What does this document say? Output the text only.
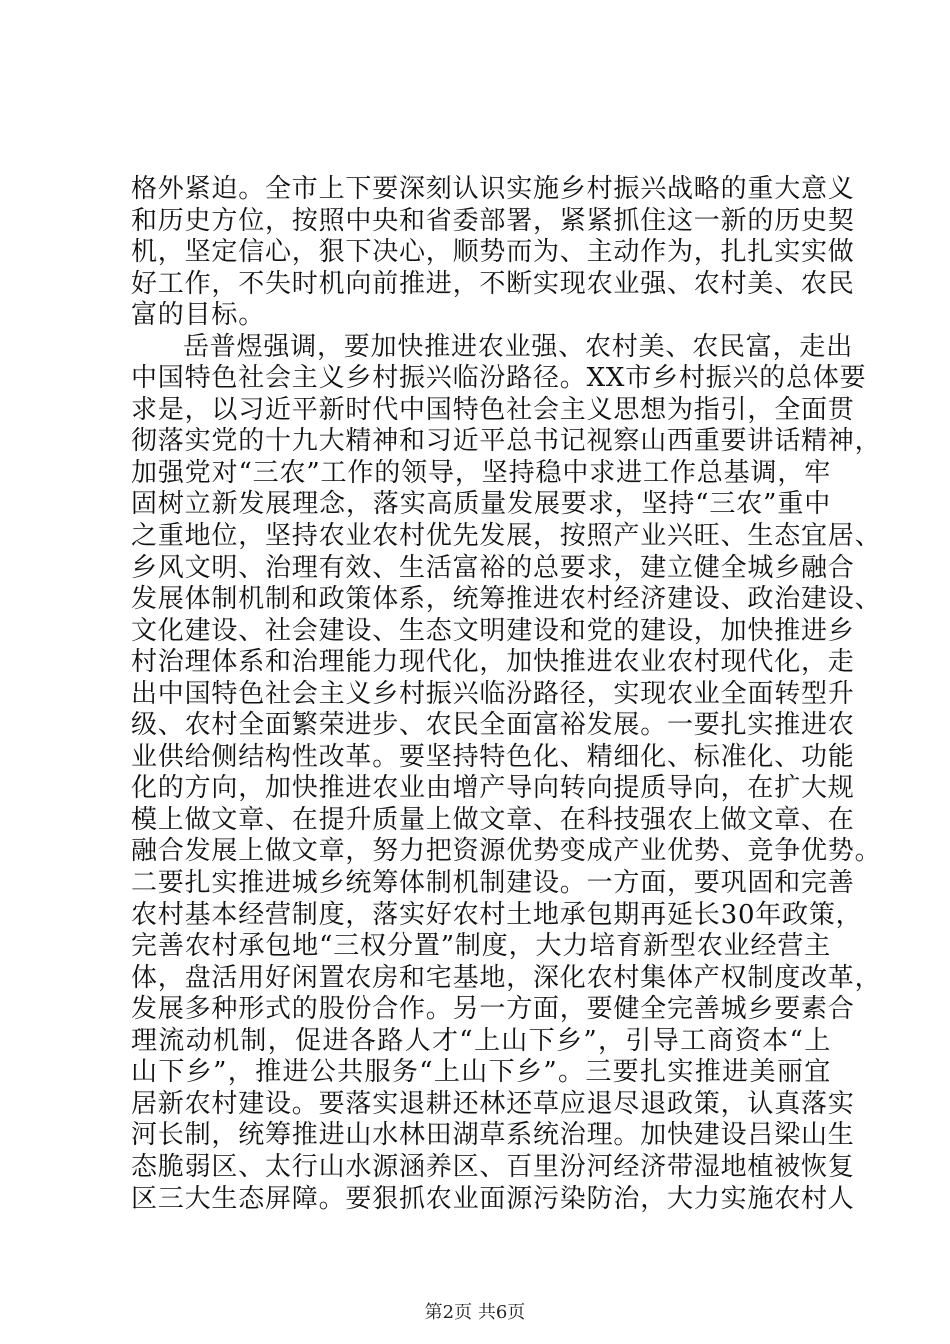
格外紧迫。全市上下要深刻认识实施乡村振兴战略的重大意义
和历史方位，按照中央和省委部署，紧紧抓住这一新的历史契
机，坚定信心，狠下决心，顺势而为、主动作为，扎扎实实做
好工作，不失时机向前推进，不断实现农业强、农村美、农民
富的目标。
岳普煜强调，要加快推进农业强、农村美、农民富，走出
中国特色社会主义乡村振兴临汾路径。XX市乡村振兴的总体要
求是，以习近平新时代中国特色社会主义思想为指引，全面贯
彻落实党的十九大精神和习近平总书记视察山西重要讲话精神，
加强党对“三农”工作的领导，坚持稳中求进工作总基调，牢
固树立新发展理念，落实高质量发展要求，坚持“三农”重中
之重地位，坚持农业农村优先发展，按照产业兴旺、生态宜居、
乡风文明、治理有效、生活富裕的总要求，建立健全城乡融合
发展体制机制和政策体系，统筹推进农村经济建设、政治建设、
文化建设、社会建设、生态文明建设和党的建设，加快推进乡
村治理体系和治理能力现代化，加快推进农业农村现代化，走
出中国特色社会主义乡村振兴临汾路径，实现农业全面转型升
级、农村全面繁荣进步、农民全面富裕发展。一要扎实推进农
业供给侧结构性改革。要坚持特色化、精细化、标准化、功能
化的方向，加快推进农业由增产导向转向提质导向，在扩大规
模上做文章、在提升质量上做文章、在科技强农上做文章、在
融合发展上做文章，努力把资源优势变成产业优势、竞争优势。
二要扎实推进城乡统筹体制机制建设。一方面，要巩固和完善
农村基本经营制度，落实好农村土地承包期再延长30年政策，
完善农村承包地“三权分置”制度，大力培育新型农业经营主
体，盘活用好闲置农房和宅基地，深化农村集体产权制度改革，
发展多种形式的股份合作。另一方面，要健全完善城乡要素合
理流动机制，促进各路人才“上山下乡”，引导工商资本“上
山下乡”，推进公共服务“上山下乡”。三要扎实推进美丽宜
居新农村建设。要落实退耕还林还草应退尽退政策，认真落实
河长制，统筹推进山水林田湖草系统治理。加快建设吕梁山生
态脆弱区、太行山水源涵养区、百里汾河经济带湿地植被恢复
区三大生态屏障。要狠抓农业面源污染防治，大力实施农村人
第2页 共6页
